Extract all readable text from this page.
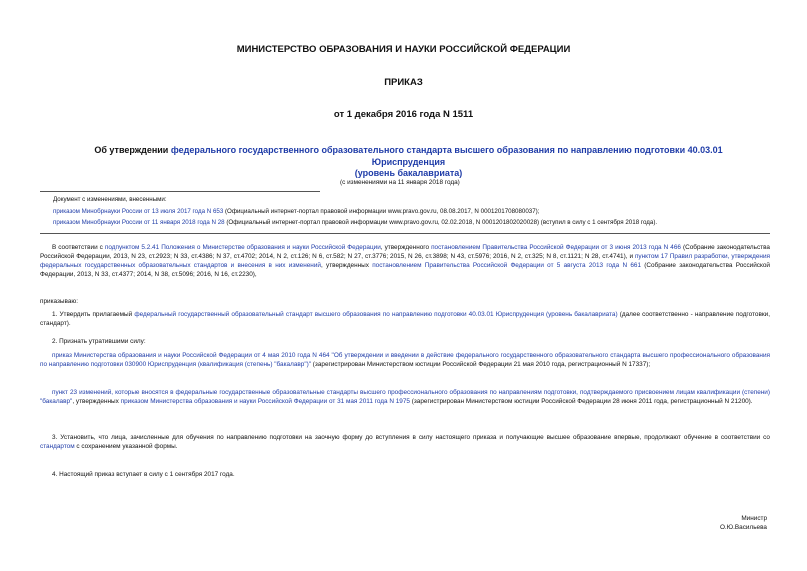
МИНИСТЕРСТВО ОБРАЗОВАНИЯ И НАУКИ РОССИЙСКОЙ ФЕДЕРАЦИИ
ПРИКАЗ
от 1 декабря 2016 года N 1511
Об утверждении федерального государственного образовательного стандарта высшего образования по направлению подготовки 40.03.01 Юриспруденция
(уровень бакалавриата)
(с изменениями на 11 января 2018 года)
Документ с изменениями, внесенными:
приказом Минобрнауки России от 13 июля 2017 года N 653 (Официальный интернет-портал правовой информации www.pravo.gov.ru, 08.08.2017, N 0001201708080037);
приказом Минобрнауки России от 11 января 2018 года N 28 (Официальный интернет-портал правовой информации www.pravo.gov.ru, 02.02.2018, N 0001201802020028) (вступил в силу с 1 сентября 2018 года).
В соответствии с подпунктом 5.2.41 Положения о Министерстве образования и науки Российской Федерации, утвержденного постановлением Правительства Российской Федерации от 3 июня 2013 года N 466 (Собрание законодательства Российской Федерации, 2013, N 23, ст.2923; N 33, ст.4386; N 37, ст.4702; 2014, N 2, ст.126; N 6, ст.582; N 27, ст.3776; 2015, N 26, ст.3898; N 43, ст.5976; 2016, N 2, ст.325; N 8, ст.1121; N 28, ст.4741), и пунктом 17 Правил разработки, утверждения федеральных государственных образовательных стандартов и внесения в них изменений, утвержденных постановлением Правительства Российской Федерации от 5 августа 2013 года N 661 (Собрание законодательства Российской Федерации, 2013, N 33, ст.4377; 2014, N 38, ст.5096; 2016, N 16, ст.2230),
приказываю:
1. Утвердить прилагаемый федеральный государственный образовательный стандарт высшего образования по направлению подготовки 40.03.01 Юриспруденция (уровень бакалавриата) (далее соответственно - направление подготовки, стандарт).
2. Признать утратившими силу:
приказ Министерства образования и науки Российской Федерации от 4 мая 2010 года N 464 "Об утверждении и введении в действие федерального государственного образовательного стандарта высшего профессионального образования по направлению подготовки 030900 Юриспруденция (квалификация (степень) "бакалавр")" (зарегистрирован Министерством юстиции Российской Федерации 21 мая 2010 года, регистрационный N 17337);
пункт 23 изменений, которые вносятся в федеральные государственные образовательные стандарты высшего профессионального образования по направлениям подготовки, подтверждаемого присвоением лицам квалификации (степени) "бакалавр", утвержденных приказом Министерства образования и науки Российской Федерации от 31 мая 2011 года N 1975 (зарегистрирован Министерством юстиции Российской Федерации 28 июня 2011 года, регистрационный N 21200).
3. Установить, что лица, зачисленные для обучения по направлению подготовки на заочную форму до вступления в силу настоящего приказа и получающие высшее образование впервые, продолжают обучение в соответствии со стандартом с сохранением указанной формы.
4. Настоящий приказ вступает в силу с 1 сентября 2017 года.
Министр
О.Ю.Васильева
